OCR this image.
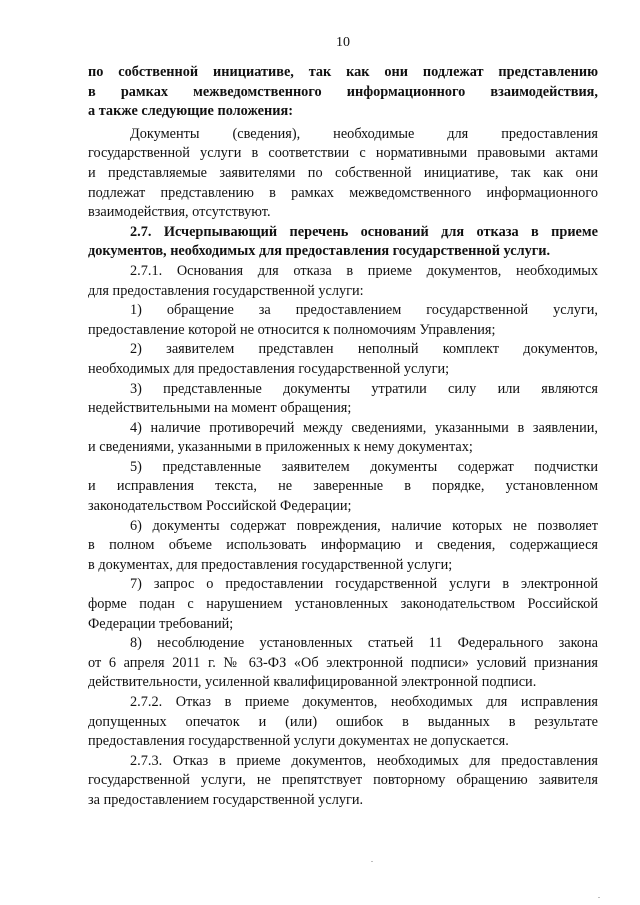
10
по собственной инициативе, так как они подлежат представлению
в рамках межведомственного информационного взаимодействия,
а также следующие положения:
Документы (сведения), необходимые для предоставления
государственной услуги в соответствии с нормативными правовыми актами
и представляемые заявителями по собственной инициативе, так как они
подлежат представлению в рамках межведомственного информационного
взаимодействия, отсутствуют.
2.7. Исчерпывающий перечень оснований для отказа в приеме
документов, необходимых для предоставления государственной услуги.
2.7.1. Основания для отказа в приеме документов, необходимых
для предоставления государственной услуги:
1) обращение за предоставлением государственной услуги,
предоставление которой не относится к полномочиям Управления;
2) заявителем представлен неполный комплект документов,
необходимых для предоставления государственной услуги;
3) представленные документы утратили силу или являются
недействительными на момент обращения;
4) наличие противоречий между сведениями, указанными в заявлении,
и сведениями, указанными в приложенных к нему документах;
5) представленные заявителем документы содержат подчистки
и исправления текста, не заверенные в порядке, установленном
законодательством Российской Федерации;
6) документы содержат повреждения, наличие которых не позволяет
в полном объеме использовать информацию и сведения, содержащиеся
в документах, для предоставления государственной услуги;
7) запрос о предоставлении государственной услуги в электронной
форме подан с нарушением установленных законодательством Российской
Федерации требований;
8) несоблюдение установленных статьей 11 Федерального закона
от 6 апреля 2011 г. № 63-ФЗ «Об электронной подписи» условий признания
действительности, усиленной квалифицированной электронной подписи.
2.7.2. Отказ в приеме документов, необходимых для исправления
допущенных опечаток и (или) ошибок в выданных в результате
предоставления государственной услуги документах не допускается.
2.7.3. Отказ в приеме документов, необходимых для предоставления
государственной услуги, не препятствует повторному обращению заявителя
за предоставлением государственной услуги.
